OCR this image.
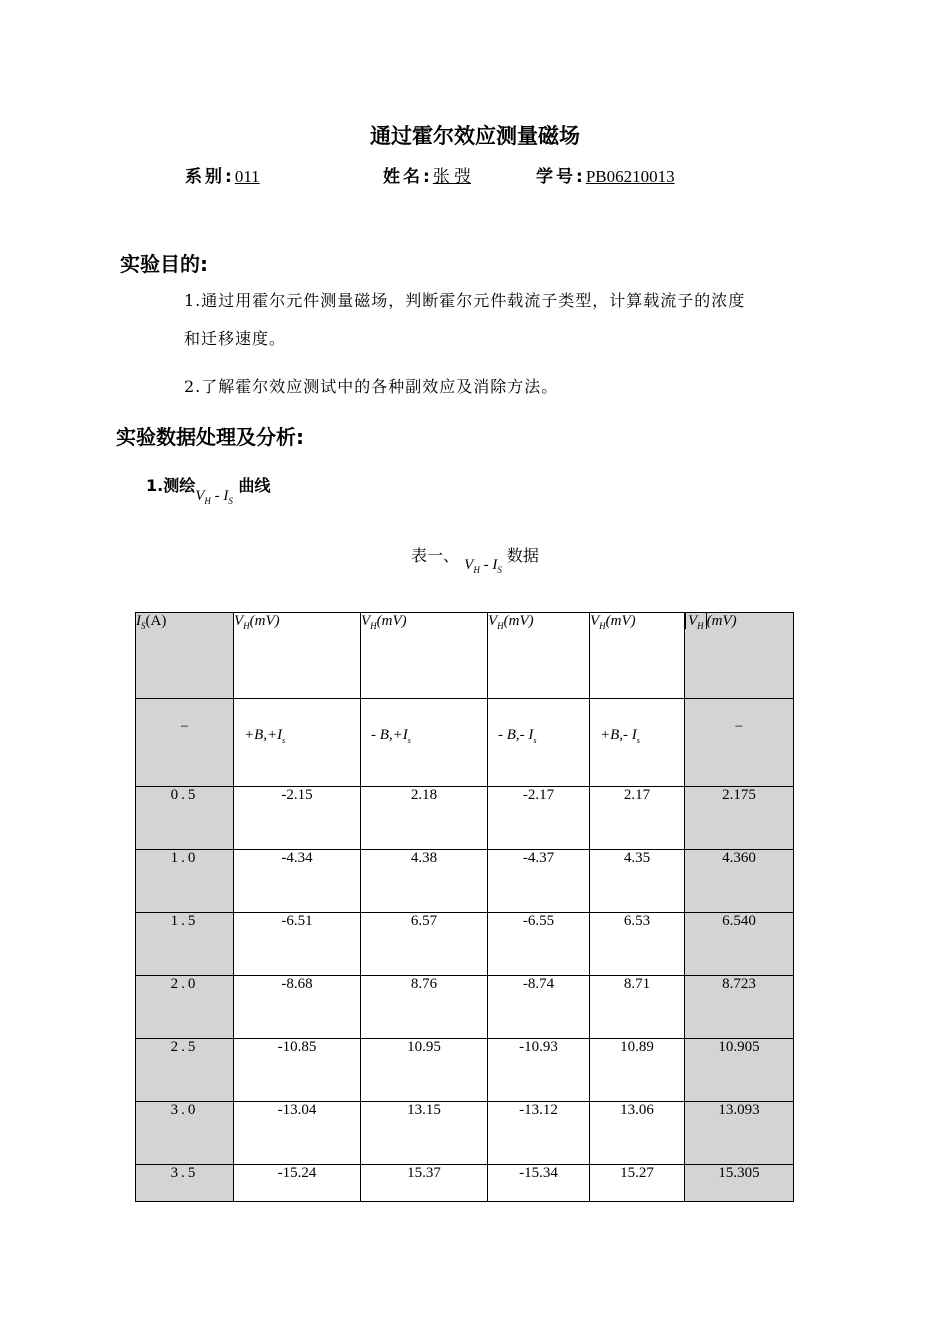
通过霍尔效应测量磁场
系别:011	姓名:张 弢	学号:PB06210013
实验目的:
1.通过用霍尔元件测量磁场，判断霍尔元件载流子类型，计算载流子的浓度
和迁移速度。
2.了解霍尔效应测试中的各种副效应及消除方法。
实验数据处理及分析:
1.测绘$V_H - I_S$ 曲线
表一、 $V_H - I_S$ 数据
$I_S(A)$	$V_H(mV)$	$V_H(mV)$	$V_H(mV)$	$V_H(mV)$	$V_H$ (mV)

−	$+B,+I_s$	- $B,+I_s$	- B,- $I_s$	+B,- $I_s$	−

0.5	-2.15	2.18	-2.17	2.17	2.175
1.0	-4.34	4.38	-4.37	4.35	4.360
1.5	-6.51	6.57	-6.55	6.53	6.540
2.0	-8.68	8.76	-8.74	8.71	8.723
2.5	-10.85	10.95	-10.93	10.89	10.905
3.0	-13.04	13.15	-13.12	13.06	13.093
3.5	-15.24	15.37	-15.34	15.27	15.305
